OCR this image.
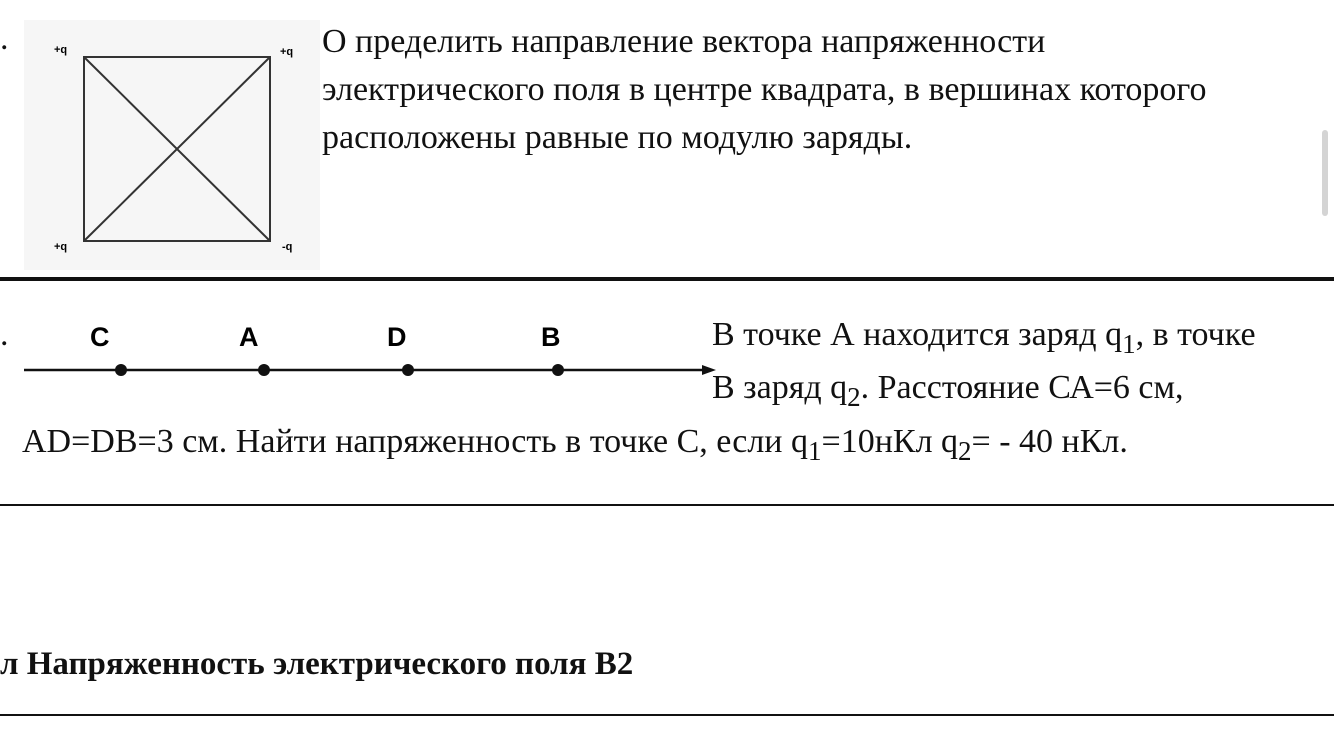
.	+q	+q
+q	-q
О пределить направление вектора напряженности
электрического поля в центре квадрата, в вершинах которого
расположены равные по модулю заряды.
.	C	A	D	B	В точке А находится заряд $q_1$, в точке
В заряд $q_2$. Расстояние СА=6 см,
AD=DB=3 см. Найти напряженность в точке С, если $q_1=10нКл$ $q_2= - 40$ нКл.
л Напряженность электрического поля В2
